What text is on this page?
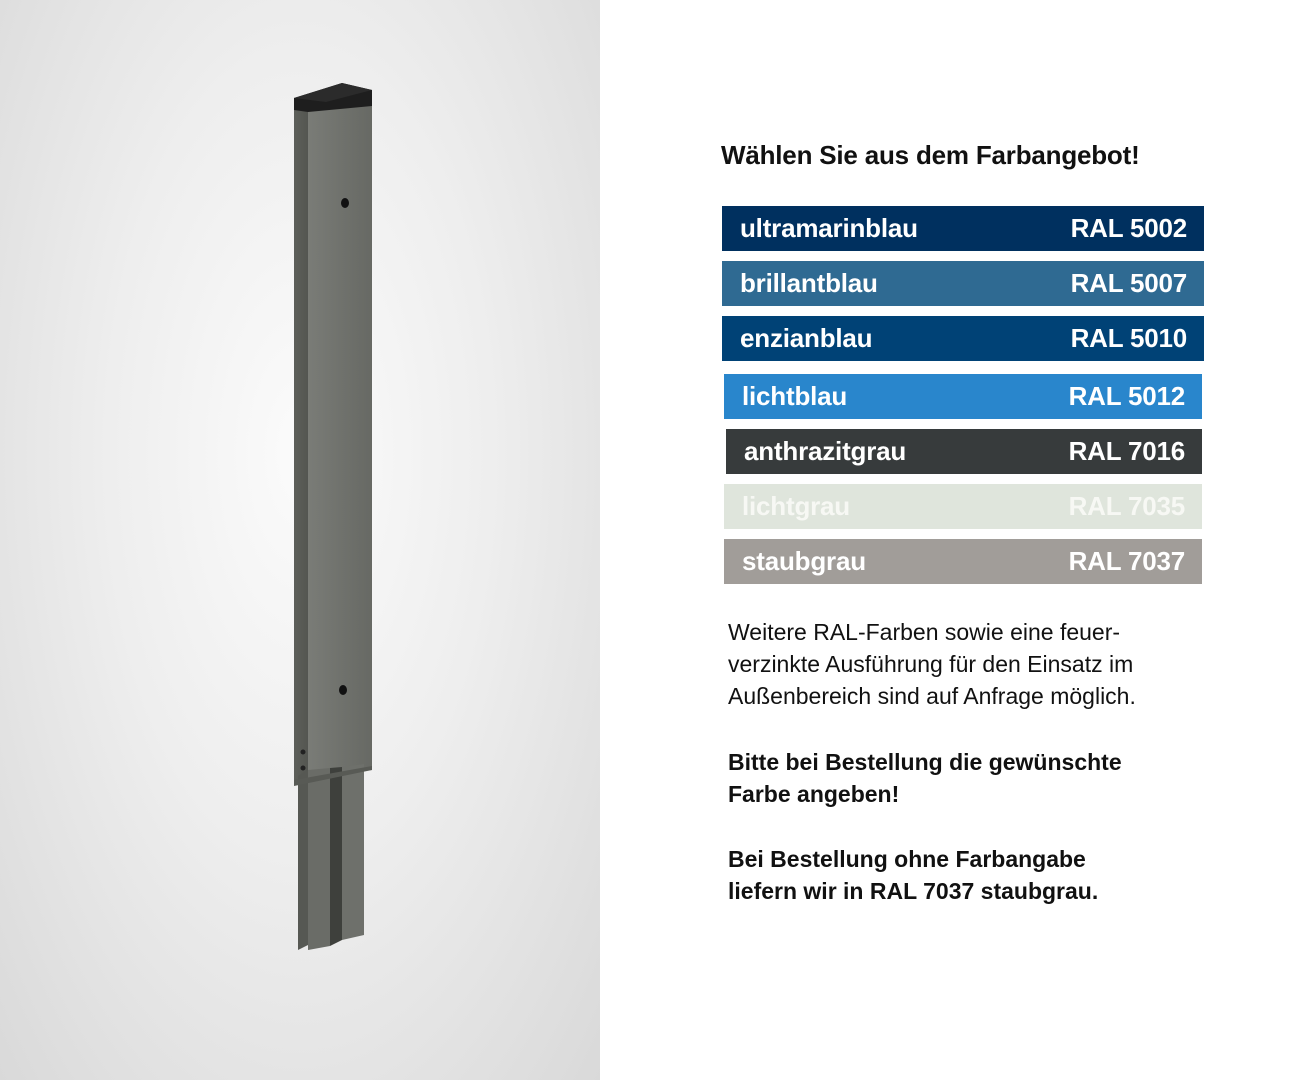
Wählen Sie aus dem Farbangebot!
ultramarinblau	RAL 5002
brillantblau	RAL 5007
enzianblau	RAL 5010
lichtblau	RAL 5012
anthrazitgrau	RAL 7016
lichtgrau	RAL 7035
staubgrau	RAL 7037
Weitere RAL-Farben sowie eine feuer-
verzinkte Ausführung für den Einsatz im
Außenbereich sind auf Anfrage möglich.
Bitte bei Bestellung die gewünschte
Farbe angeben!
Bei Bestellung ohne Farbangabe
liefern wir in RAL 7037 staubgrau.
